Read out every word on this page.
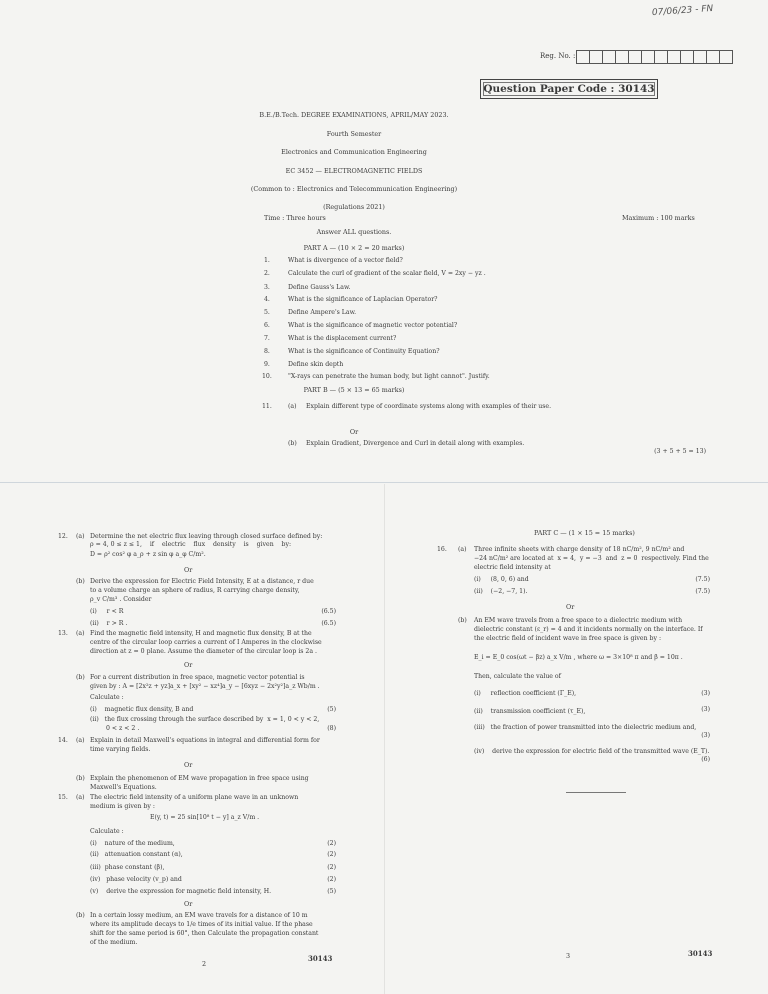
07/06/23 - FN
Reg. No. :
Question Paper Code : 30143
B.E./B.Tech. DEGREE EXAMINATIONS, APRIL/MAY 2023.
Fourth Semester
Electronics and Communication Engineering
EC 3452 — ELECTROMAGNETIC FIELDS
(Common to : Electronics and Telecommunication Engineering)
(Regulations 2021)
Time : Three hours	Maximum : 100 marks
Answer ALL questions.
PART A — (10 × 2 = 20 marks)
1.	What is divergence of a vector field?
2.	Calculate the curl of gradient of the scalar field, V = 2xy − yz .
3.	Define Gauss's Law.
4.	What is the significance of Laplacian Operator?
5.	Define Ampere's Law.
6.	What is the significance of magnetic vector potential?
7.	What is the displacement current?
8.	What is the significance of Continuity Equation?
9.	Define skin depth
10.	"X-rays can penetrate the human body, but light cannot". Justify.
PART B — (5 × 13 = 65 marks)
11.	(a) Explain different type of coordinate systems along with examples of their use.
Or
(b) Explain Gradient, Divergence and Curl in detail along with examples.
(3 + 5 + 5 = 13)
12. (a) Determine the net electric flux leaving through closed surface defined by:
ρ = 4, 0 ≤ z ≤ 1,    if    electric    flux    density    is    given    by:
D = ρ² cos² φ a_ρ + z sin φ a_φ C/m².
Or
(b) Derive the expression for Electric Field Intensity, E at a distance, r due
to a volume charge an sphere of radius, R carrying charge density,
ρ_v C/m³ . Consider
(i)     r < R	(6.5)
(ii)    r > R .	(6.5)
13. (a) Find the magnetic field intensity, H and magnetic flux density, B at the
centre of the circular loop carries a current of I Amperes in the clockwise
direction at z = 0 plane. Assume the diameter of the circular loop is 2a .
Or
(b) For a current distribution in free space, magnetic vector potential is
given by : A = [2x²z + yz]a_x + [xy² − xz⁴]a_y − [6xyz − 2x²y²]a_z Wb/m .
Calculate :
(i)    magnetic flux density, B and	(5)
(ii)   the flux crossing through the surface described by  x = 1, 0 < y < 2,
0 < z < 2 .	(8)
14. (a) Explain in detail Maxwell's equations in integral and differential form for
time varying fields.
Or
(b) Explain the phenomenon of EM wave propagation in free space using
Maxwell's Equations.
15. (a) The electric field intensity of a uniform plane wave in an unknown
medium is given by :
E(y, t) = 25 sin[10⁸ t − y] a_z V/m .
Calculate :
(i)    nature of the medium,	(2)
(ii)   attenuation constant (α),	(2)
(iii)  phase constant (β),	(2)
(iv)   phase velocity (v_p) and	(2)
(v)    derive the expression for magnetic field intensity, H.	(5)
Or
(b) In a certain lossy medium, an EM wave travels for a distance of 10 m
where its amplitude decays to 1/e times of its initial value. If the phase
shift for the same period is 60°, then Calculate the propagation constant
of the medium.
2
30143
PART C — (1 × 15 = 15 marks)
16. (a) Three infinite sheets with charge density of 18 nC/m², 9 nC/m² and
−24 nC/m² are located at  x = 4,  y = −3  and  z = 0  respectively. Find the
electric field intensity at
(i)     (8, 0, 6) and	(7.5)
(ii)    (−2, −7, 1).	(7.5)
Or
(b) An EM wave travels from a free space to a dielectric medium with
dielectric constant (ε_r) = 4 and it incidents normally on the interface. If
the electric field of incident wave in free space is given by :
E_i = E_0 cos(ωt − βz) a_x V/m , where ω = 3×10⁸ π and β = 10π .
Then, calculate the value of
(i)     reflection coefficient (Γ_E),	(3)
(ii)    transmission coefficient (τ_E),	(3)
(iii)   the fraction of power transmitted into the dielectric medium and,
(3)
(iv)    derive the expression for electric field of the transmitted wave (E_T).
(6)
3	30143
